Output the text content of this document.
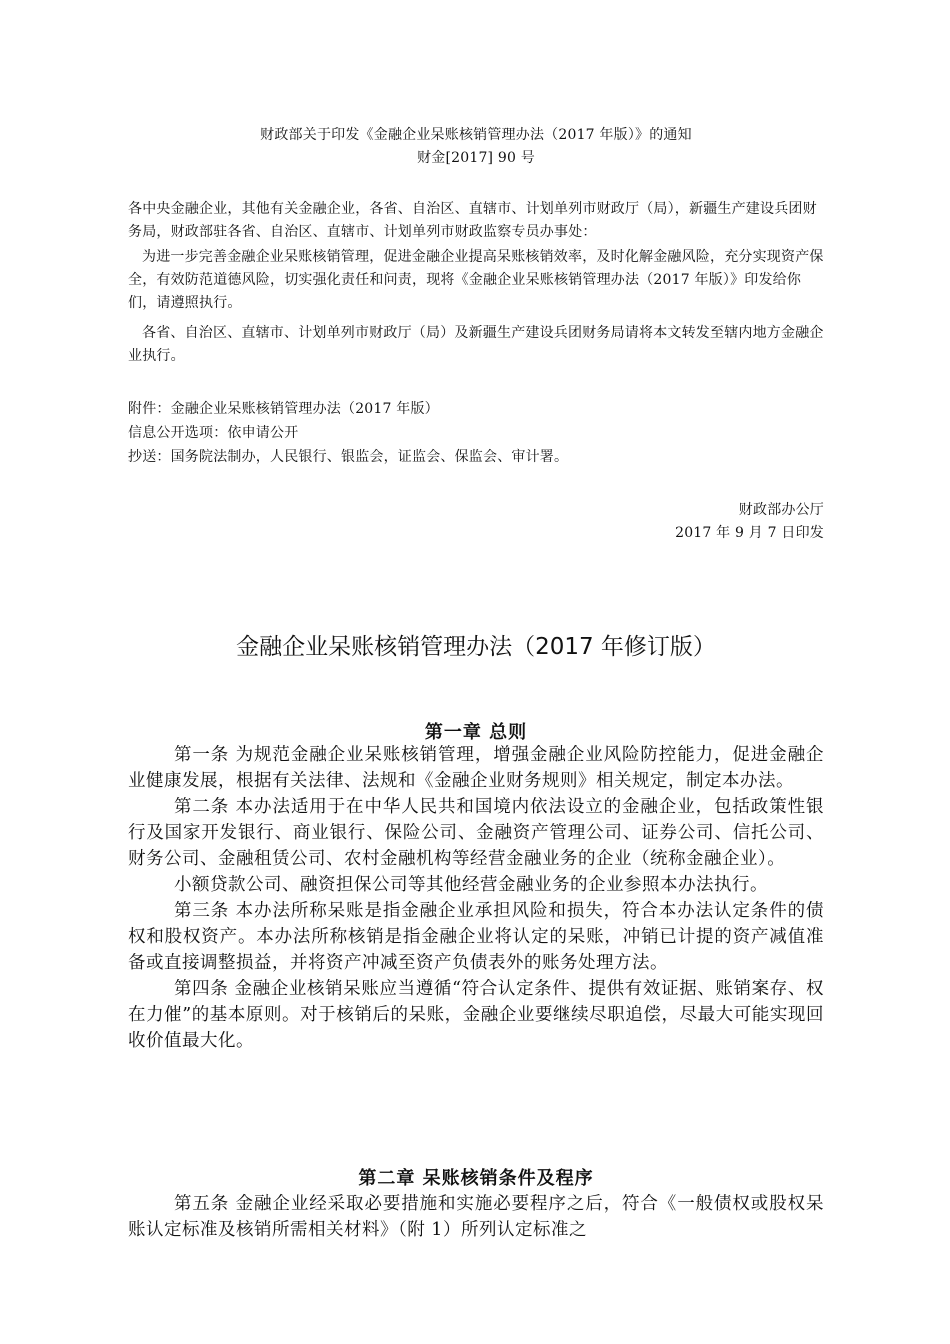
财政部关于印发《金融企业呆账核销管理办法（2017 年版）》的通知
财金[2017] 90 号
各中央金融企业，其他有关金融企业，各省、自治区、直辖市、计划单列市财政厅（局），新疆生产建设兵团财务局，财政部驻各省、自治区、直辖市、计划单列市财政监察专员办事处：
为进一步完善金融企业呆账核销管理，促进金融企业提高呆账核销效率，及时化解金融风险，充分实现资产保全，有效防范道德风险，切实强化责任和问责，现将《金融企业呆账核销管理办法（2017 年版）》印发给你们，请遵照执行。
各省、自治区、直辖市、计划单列市财政厅（局）及新疆生产建设兵团财务局请将本文转发至辖内地方金融企业执行。
附件：金融企业呆账核销管理办法（2017 年版）
信息公开选项：依申请公开
抄送：国务院法制办，人民银行、银监会，证监会、保监会、审计署。
财政部办公厅
2017 年 9 月 7 日印发
金融企业呆账核销管理办法（2017 年修订版）
第一章 总则

第一条 为规范金融企业呆账核销管理，增强金融企业风险防控能力，促进金融企业健康发展，根据有关法律、法规和《金融企业财务规则》相关规定，制定本办法。

第二条 本办法适用于在中华人民共和国境内依法设立的金融企业，包括政策性银行及国家开发银行、商业银行、保险公司、金融资产管理公司、证券公司、信托公司、财务公司、金融租赁公司、农村金融机构等经营金融业务的企业（统称金融企业）。

小额贷款公司、融资担保公司等其他经营金融业务的企业参照本办法执行。

第三条 本办法所称呆账是指金融企业承担风险和损失，符合本办法认定条件的债权和股权资产。本办法所称核销是指金融企业将认定的呆账，冲销已计提的资产减值准备或直接调整损益，并将资产冲减至资产负债表外的账务处理方法。

第四条 金融企业核销呆账应当遵循“符合认定条件、提供有效证据、账销案存、权在力催”的基本原则。对于核销后的呆账，金融企业要继续尽职追偿，尽最大可能实现回收价值最大化。

第二章 呆账核销条件及程序

第五条 金融企业经采取必要措施和实施必要程序之后，符合《一般债权或股权呆账认定标准及核销所需相关材料》（附 1）所列认定标准之
